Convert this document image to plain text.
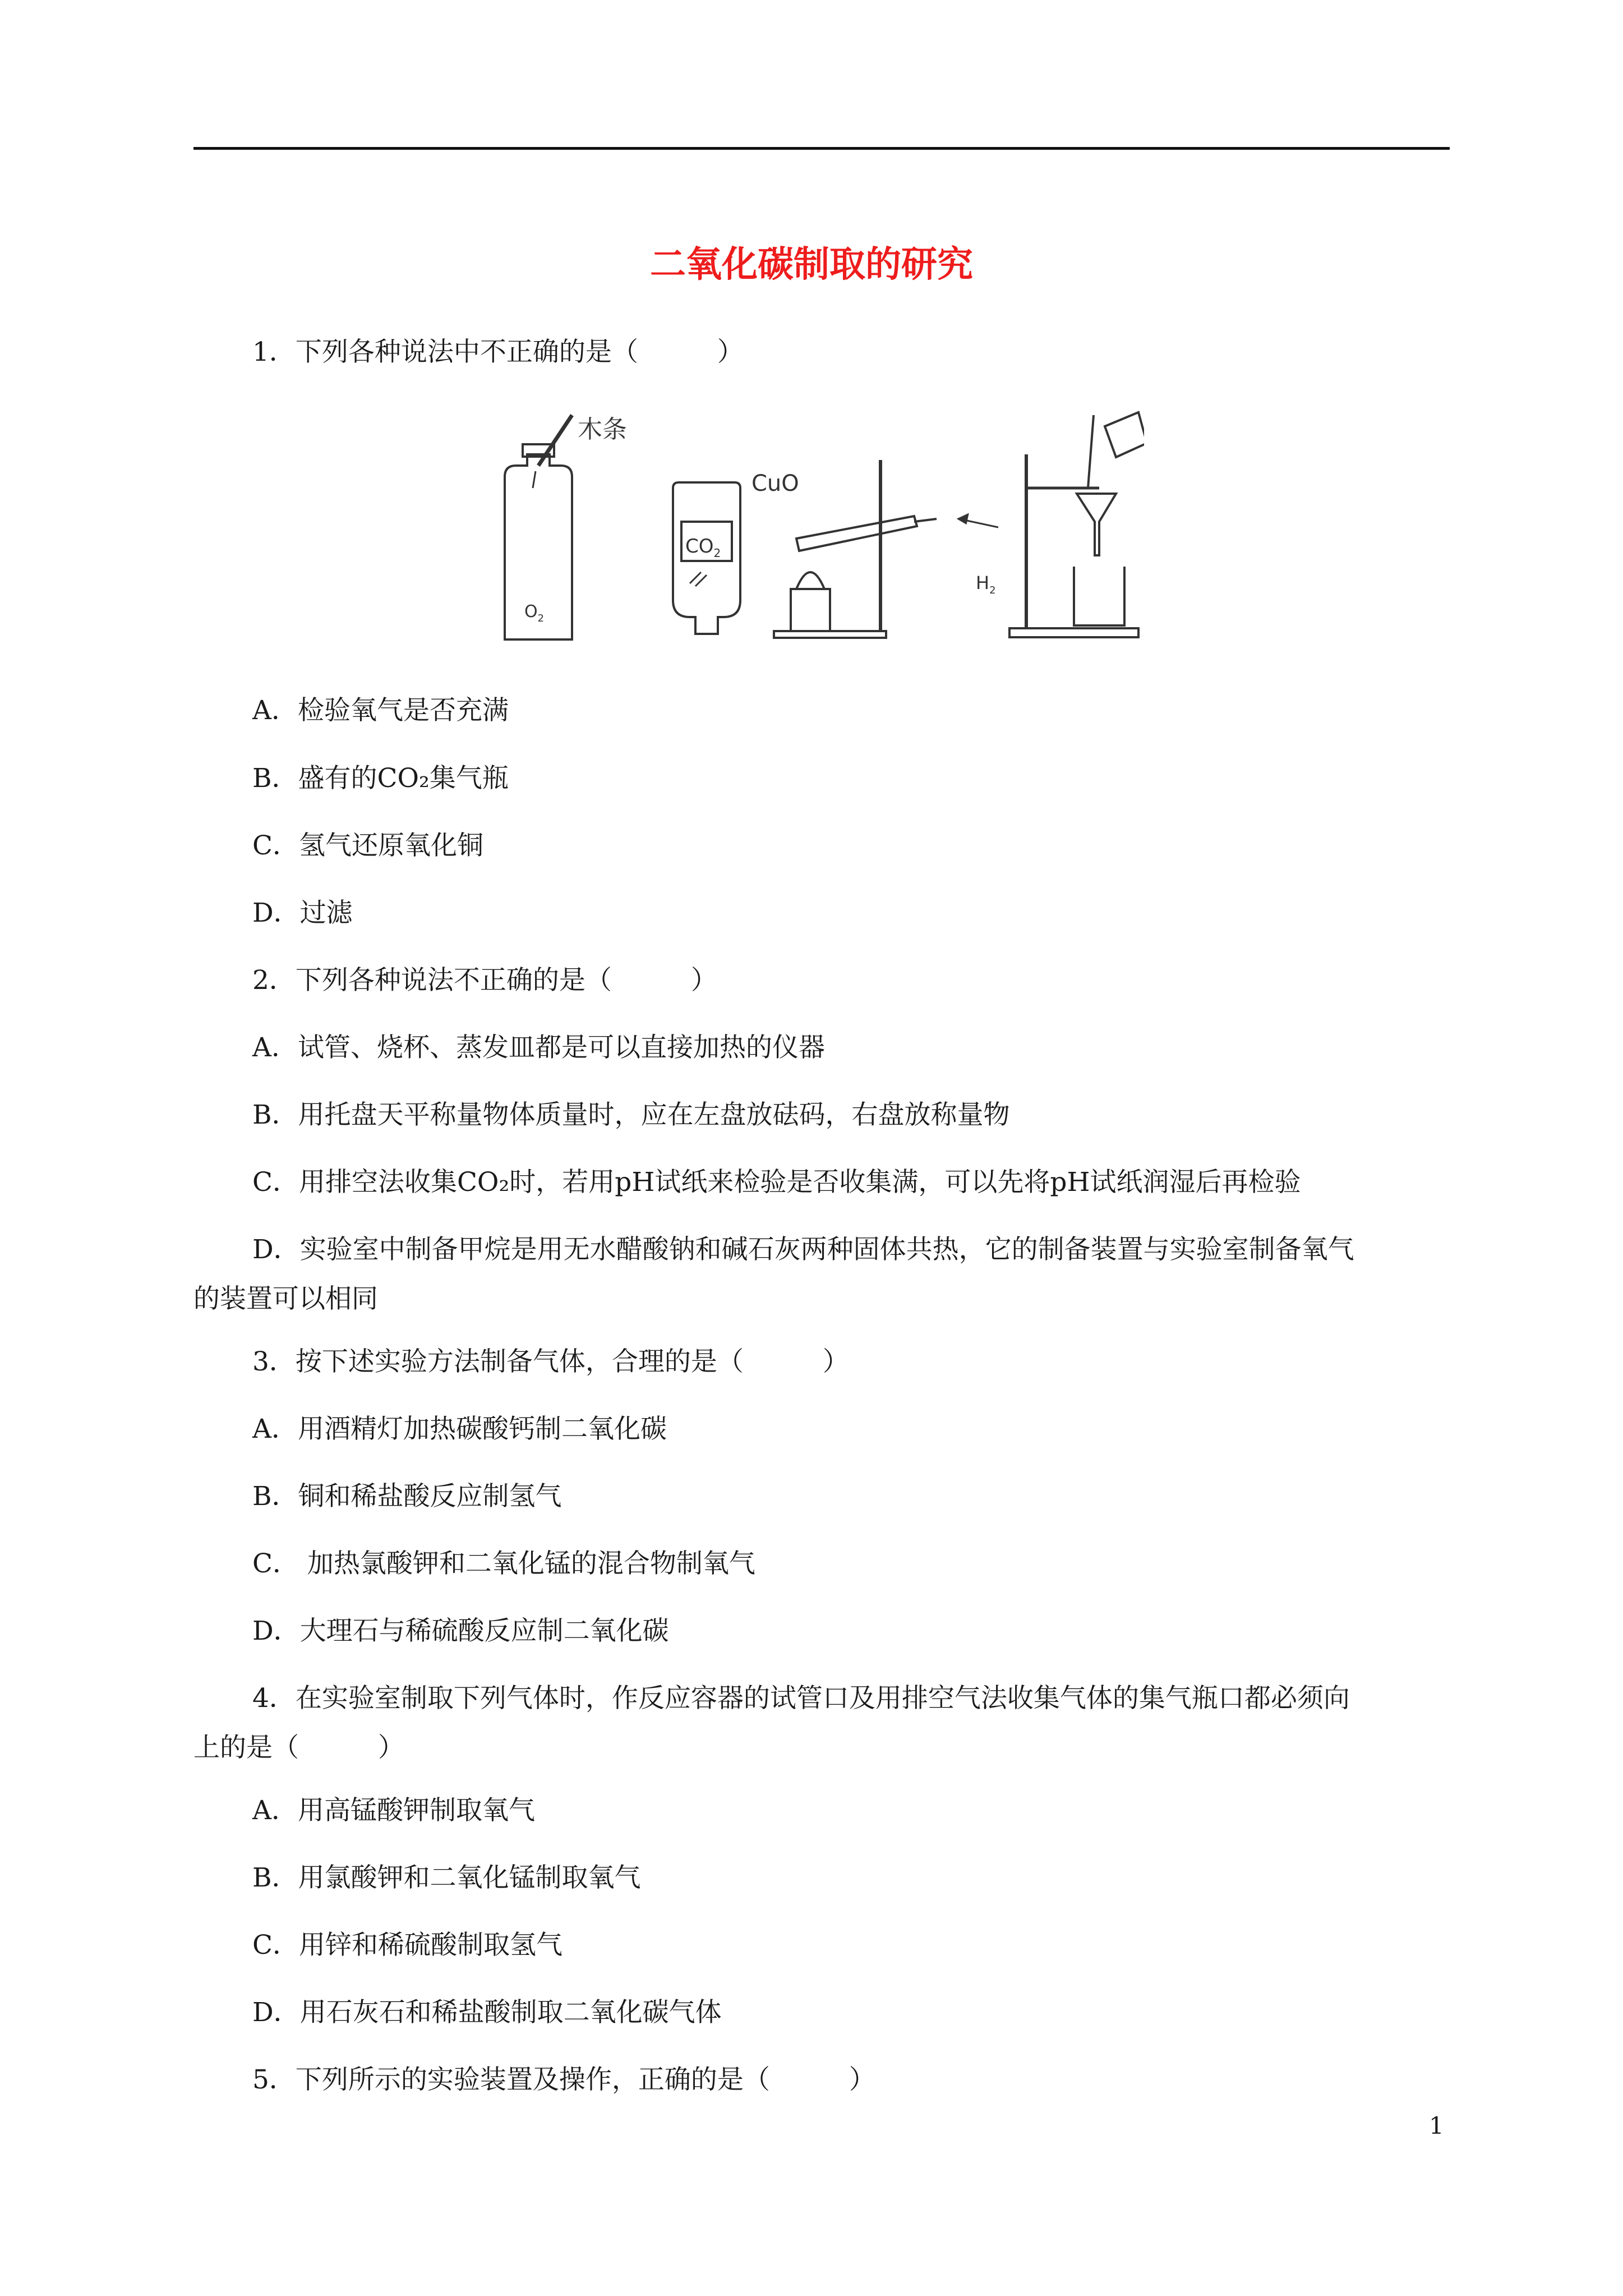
二氧化碳制取的研究
1．下列各种说法中不正确的是（　　　）
木条
$O_2$
$CO_2$
CuO
$H_2$
A．检验氧气是否充满
B．盛有的CO₂集气瓶
C．氢气还原氧化铜
D．过滤
2．下列各种说法不正确的是（　　　）
A．试管、烧杯、蒸发皿都是可以直接加热的仪器
B．用托盘天平称量物体质量时，应在左盘放砝码，右盘放称量物
C．用排空法收集CO₂时，若用pH试纸来检验是否收集满，可以先将pH试纸润湿后再检验
D．实验室中制备甲烷是用无水醋酸钠和碱石灰两种固体共热，它的制备装置与实验室制备氧气
的装置可以相同
3．按下述实验方法制备气体，合理的是（　　　）
A．用酒精灯加热碳酸钙制二氧化碳
B．铜和稀盐酸反应制氢气
C． 加热氯酸钾和二氧化锰的混合物制氧气
D．大理石与稀硫酸反应制二氧化碳
4．在实验室制取下列气体时，作反应容器的试管口及用排空气法收集气体的集气瓶口都必须向
上的是（　　　）
A．用高锰酸钾制取氧气
B．用氯酸钾和二氧化锰制取氧气
C．用锌和稀硫酸制取氢气
D．用石灰石和稀盐酸制取二氧化碳气体
5．下列所示的实验装置及操作，正确的是（　　　）
1
